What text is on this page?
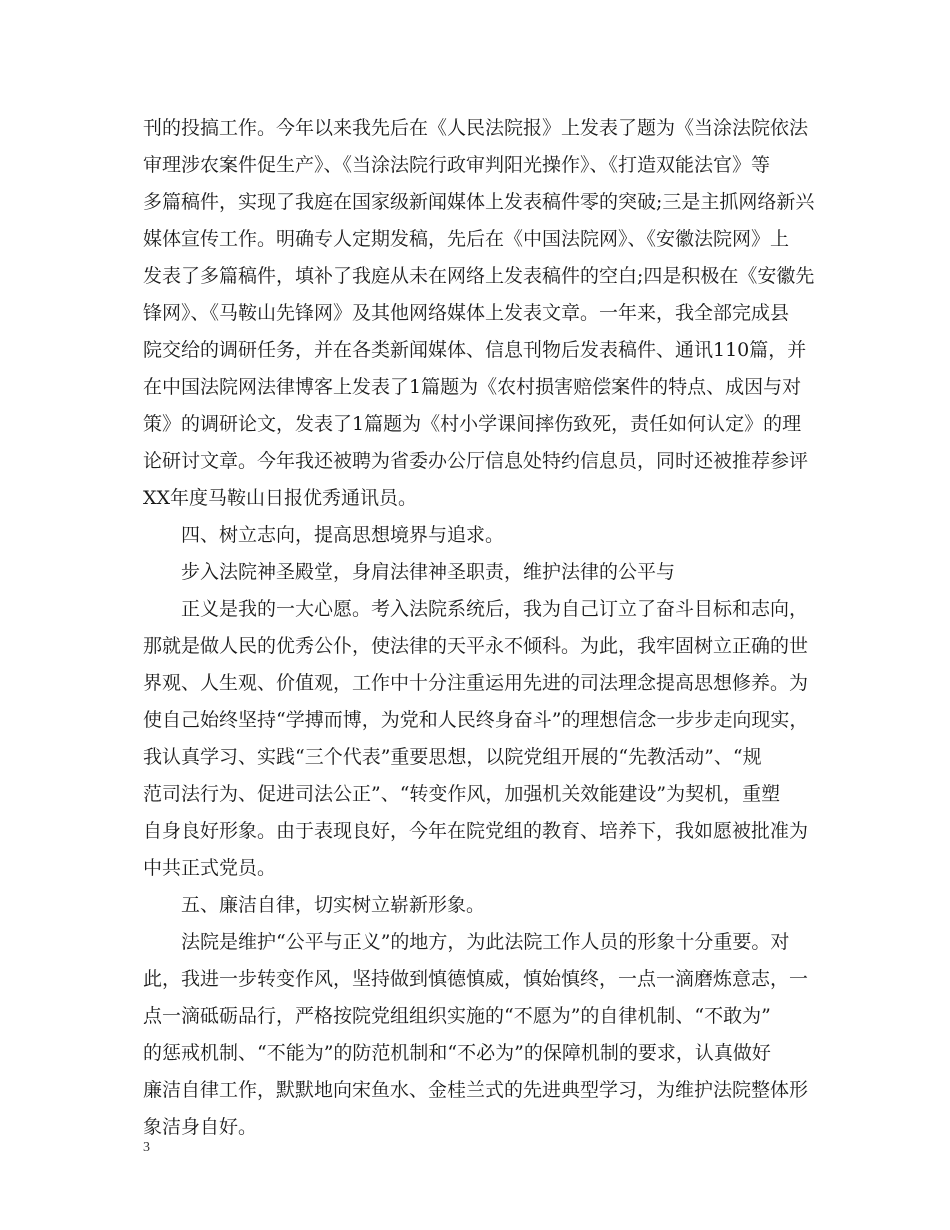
刊的投搞工作。今年以来我先后在《人民法院报》上发表了题为《当涂法院依法
审理涉农案件促生产》、《当涂法院行政审判阳光操作》、《打造双能法官》等
多篇稿件，实现了我庭在国家级新闻媒体上发表稿件零的突破;三是主抓网络新兴
媒体宣传工作。明确专人定期发稿，先后在《中国法院网》、《安徽法院网》上
发表了多篇稿件，填补了我庭从未在网络上发表稿件的空白;四是积极在《安徽先
锋网》、《马鞍山先锋网》及其他网络媒体上发表文章。一年来，我全部完成县
院交给的调研任务，并在各类新闻媒体、信息刊物后发表稿件、通讯110篇，并
在中国法院网法律博客上发表了1篇题为《农村损害赔偿案件的特点、成因与对
策》的调研论文，发表了1篇题为《村小学课间摔伤致死，责任如何认定》的理
论研讨文章。今年我还被聘为省委办公厅信息处特约信息员，同时还被推荐参评
XX年度马鞍山日报优秀通讯员。
四、树立志向，提高思想境界与追求。
步入法院神圣殿堂，身肩法律神圣职责，维护法律的公平与
正义是我的一大心愿。考入法院系统后，我为自己订立了奋斗目标和志向，
那就是做人民的优秀公仆，使法律的天平永不倾科。为此，我牢固树立正确的世
界观、人生观、价值观，工作中十分注重运用先进的司法理念提高思想修养。为
使自己始终坚持“学搏而博，为党和人民终身奋斗”的理想信念一步步走向现实，
我认真学习、实践“三个代表”重要思想，以院党组开展的“先教活动”、“规
范司法行为、促进司法公正”、“转变作风，加强机关效能建设”为契机，重塑
自身良好形象。由于表现良好，今年在院党组的教育、培养下，我如愿被批准为
中共正式党员。
五、廉洁自律，切实树立崭新形象。
法院是维护“公平与正义”的地方，为此法院工作人员的形象十分重要。对
此，我进一步转变作风，坚持做到慎德慎威，慎始慎终，一点一滴磨炼意志，一
点一滴砥砺品行，严格按院党组组织实施的“不愿为”的自律机制、“不敢为”
的惩戒机制、“不能为”的防范机制和“不必为”的保障机制的要求，认真做好
廉洁自律工作，默默地向宋鱼水、金桂兰式的先进典型学习，为维护法院整体形
象洁身自好。
3
